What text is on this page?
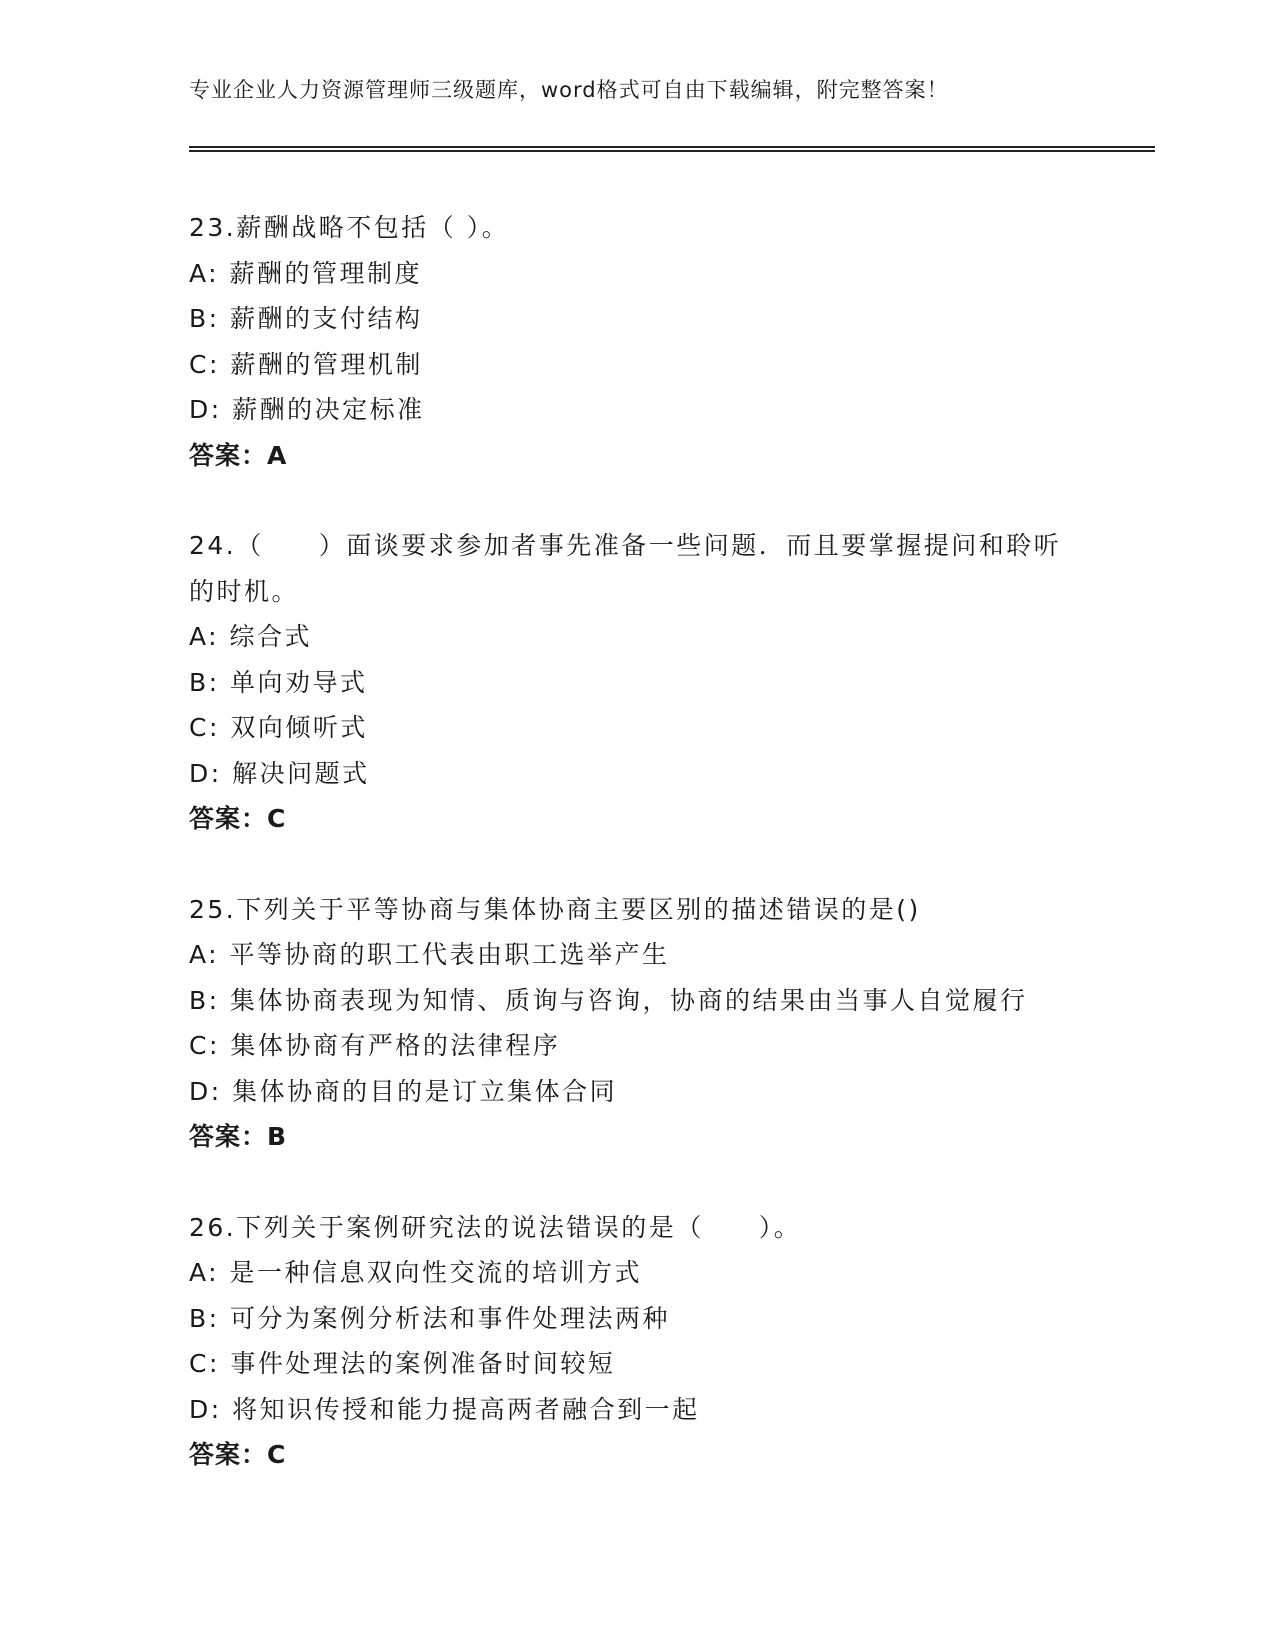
专业企业人力资源管理师三级题库，word格式可自由下载编辑，附完整答案！
23.薪酬战略不包括（ ）。
A: 薪酬的管理制度
B: 薪酬的支付结构
C: 薪酬的管理机制
D: 薪酬的决定标准
答案：A
24.（　　）面谈要求参加者事先准备一些问题．而且要掌握提问和聆听的时机。
A: 综合式
B: 单向劝导式
C: 双向倾听式
D: 解决问题式
答案：C
25.下列关于平等协商与集体协商主要区别的描述错误的是()
A: 平等协商的职工代表由职工选举产生
B: 集体协商表现为知情、质询与咨询，协商的结果由当事人自觉履行
C: 集体协商有严格的法律程序
D: 集体协商的目的是订立集体合同
答案：B
26.下列关于案例研究法的说法错误的是（　　）。
A: 是一种信息双向性交流的培训方式
B: 可分为案例分析法和事件处理法两种
C: 事件处理法的案例准备时间较短
D: 将知识传授和能力提高两者融合到一起
答案：C
